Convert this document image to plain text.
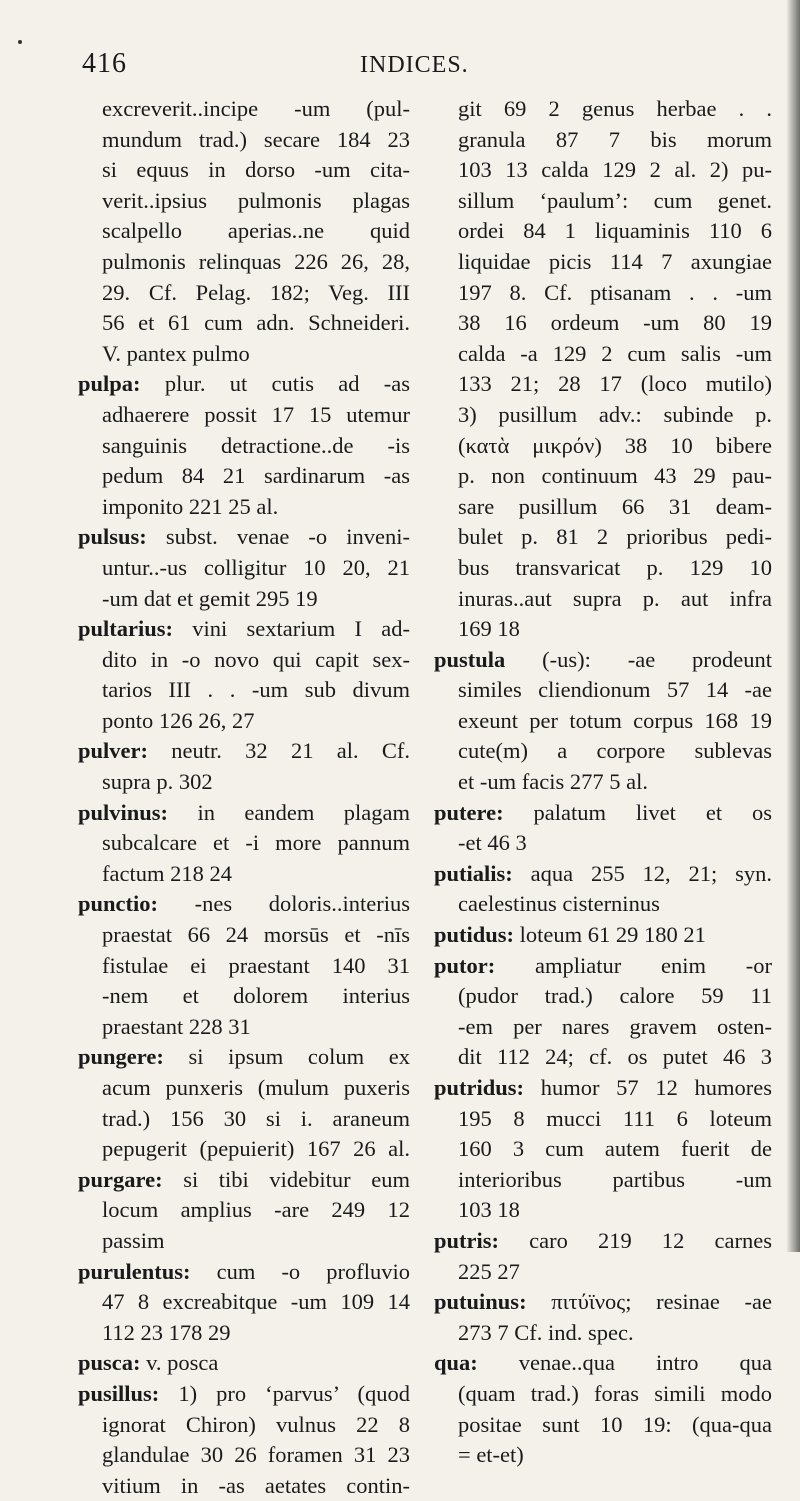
416	INDICES.
excreverit..incipe -um (pul-
mundum trad.) secare 184 23
si equus in dorso -um cita-
verit..ipsius pulmonis plagas
scalpello aperias..ne quid
pulmonis relinquas 226 26, 28,
29. Cf. Pelag. 182; Veg. III
56 et 61 cum adn. Schneideri.
V. pantex pulmo
pulpa: plur. ut cutis ad -as
adhaerere possit 17 15 utemur
sanguinis detractione..de -is
pedum 84 21 sardinarum -as
imponito 221 25 al.
pulsus: subst. venae -o inveni-
untur..-us colligitur 10 20, 21
-um dat et gemit 295 19
pultarius: vini sextarium I ad-
dito in -o novo qui capit sex-
tarios III . . -um sub divum
ponto 126 26, 27
pulver: neutr. 32 21 al. Cf.
supra p. 302
pulvinus: in eandem plagam
subcalcare et -i more pannum
factum 218 24
punctio: -nes doloris..interius
praestat 66 24 morsūs et -nīs
fistulae ei praestant 140 31
-nem et dolorem interius
praestant 228 31
pungere: si ipsum colum ex
acum punxeris (mulum puxeris
trad.) 156 30 si i. araneum
pepugerit (pepuierit) 167 26 al.
purgare: si tibi videbitur eum
locum amplius -are 249 12
passim
purulentus: cum -o profluvio
47 8 excreabitque -um 109 14
112 23 178 29
pusca: v. posca
pusillus: 1) pro ‘parvus’ (quod
ignorat Chiron) vulnus 22 8
glandulae 30 26 foramen 31 23
vitium in -as aetates contin-
git 69 2 genus herbae . .
granula 87 7 bis morum
103 13 calda 129 2 al. 2) pu-
sillum ‘paulum’: cum genet.
ordei 84 1 liquaminis 110 6
liquidae picis 114 7 axungiae
197 8. Cf. ptisanam . . -um
38 16 ordeum -um 80 19
calda -a 129 2 cum salis -um
133 21; 28 17 (loco mutilo)
3) pusillum adv.: subinde p.
(κατὰ μικρόν) 38 10 bibere
p. non continuum 43 29 pau-
sare pusillum 66 31 deam-
bulet p. 81 2 prioribus pedi-
bus transvaricat p. 129 10
inuras..aut supra p. aut infra
169 18
pustula (-us): -ae prodeunt
similes cliendionum 57 14 -ae
exeunt per totum corpus 168 19
cute(m) a corpore sublevas
et -um facis 277 5 al.
putere: palatum livet et os
-et 46 3
putialis: aqua 255 12, 21; syn.
caelestinus cisterninus
putidus: loteum 61 29 180 21
putor: ampliatur enim -or
(pudor trad.) calore 59 11
-em per nares gravem osten-
dit 112 24; cf. os putet 46 3
putridus: humor 57 12 humores
195 8 mucci 111 6 loteum
160 3 cum autem fuerit de
interioribus partibus -um
103 18
putris: caro 219 12 carnes
225 27
putuinus: πιτύϊνος; resinae -ae
273 7 Cf. ind. spec.
qua: venae..qua intro qua
(quam trad.) foras simili modo
positae sunt 10 19: (qua-qua
= et-et)
